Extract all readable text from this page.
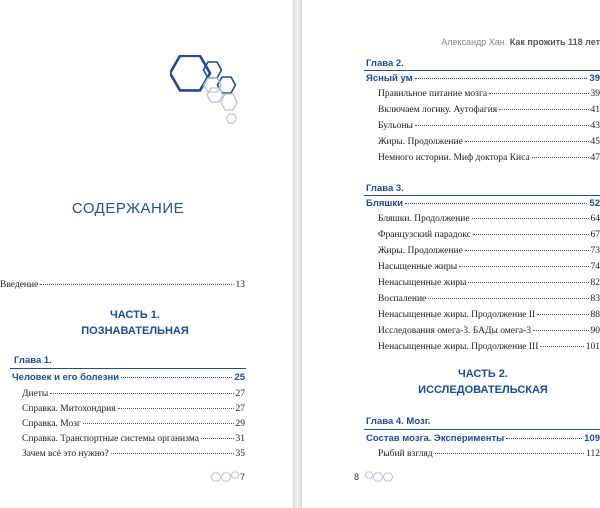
СОДЕРЖАНИЕ
Введение	13
ЧАСТЬ 1.
ПОЗНАВАТЕЛЬНАЯ
Глава 1.
Человек и его болезни	25
Диеты	27
Справка. Митохондрия	27
Справка. Мозг	29
Справка. Транспортные системы организма	31
Зачем всё это нужно?	35
7
Александр Хан. Как прожить 118 лет
Глава 2.
Ясный ум	39
Правильное питание мозга	39
Включаем логику. Аутофагия	41
Бульоны	43
Жиры. Продолжение	45
Немного истории. Миф доктора Киса	47
Глава 3.
Бляшки	52
Бляшки. Продолжение	64
Французский парадокс	67
Жиры. Продолжение	73
Насыщенные жиры	74
Ненасыщенные жиры	82
Воспаление	83
Ненасыщенные жиры. Продолжение II	88
Исследования омега-3. БАДы омега-3	90
Ненасыщенные жиры. Продолжение III	101
ЧАСТЬ 2.
ИССЛЕДОВАТЕЛЬСКАЯ
Глава 4. Мозг.
Состав мозга. Эксперименты	109
Рыбий взгляд	112
8
